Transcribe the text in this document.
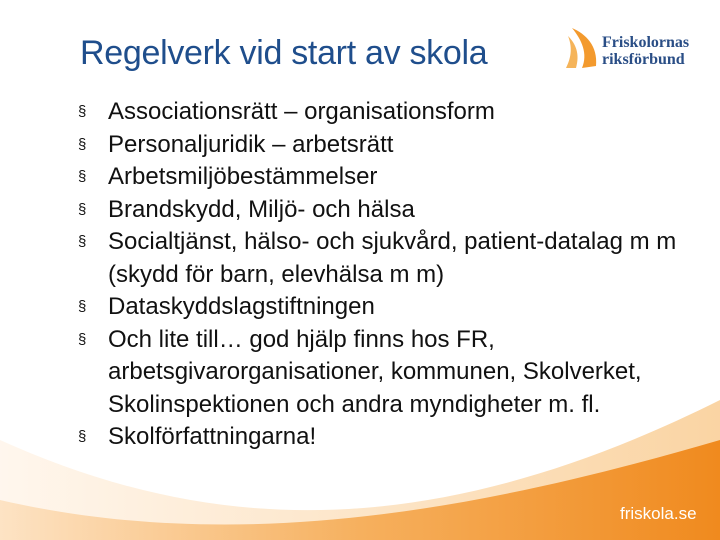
Regelverk vid start av skola	Friskolornas
riksförbund
§ Associationsrätt – organisationsform
§ Personaljuridik – arbetsrätt
§ Arbetsmiljöbestämmelser
§ Brandskydd, Miljö- och hälsa
§ Socialtjänst, hälso- och sjukvård, patient-datalag m m (skydd för barn, elevhälsa m m)
§ Dataskyddslagstiftningen
§ Och lite till… god hjälp finns hos FR, arbetsgivarorganisationer, kommunen, Skolverket, Skolinspektionen och andra myndigheter m. fl.
§ Skolförfattningarna!
friskola.se
